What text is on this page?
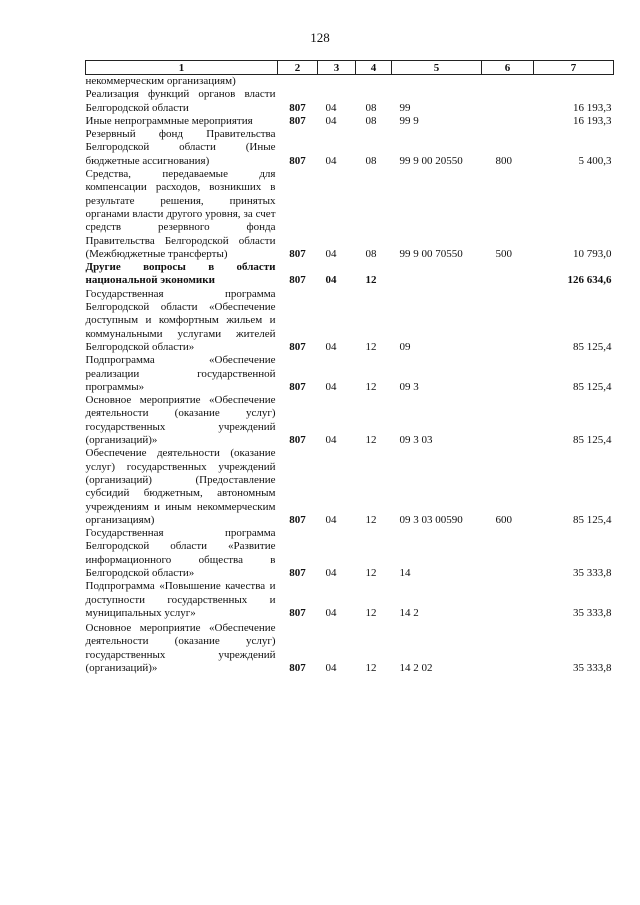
128
1	2	3	4	5	6	7
некоммерческим организациям)						
Реализация функций органов власти Белгородской области	807	04	08	99		16 193,3
Иные непрограммные мероприятия	807	04	08	99 9		16 193,3
Резервный фонд Правительства Белгородской области (Иные бюджетные ассигнования)	807	04	08	99 9 00 20550	800	5 400,3
Средства, передаваемые для компенсации расходов, возникших в результате решения, принятых органами власти другого уровня, за счет средств резервного фонда Правительства Белгородской области (Межбюджетные трансферты)	807	04	08	99 9 00 70550	500	10 793,0
Другие вопросы в области национальной экономики	807	04	12			126 634,6
Государственная программа Белгородской области «Обеспечение доступным и комфортным жильем и коммунальными услугами жителей Белгородской области»	807	04	12	09		85 125,4
Подпрограмма «Обеспечение реализации государственной программы»	807	04	12	09 3		85 125,4
Основное мероприятие «Обеспечение деятельности (оказание услуг) государственных учреждений (организаций)»	807	04	12	09 3 03		85 125,4
Обеспечение деятельности (оказание услуг) государственных учреждений (организаций) (Предоставление субсидий бюджетным, автономным учреждениям и иным некоммерческим организациям)	807	04	12	09 3 03 00590	600	85 125,4
Государственная программа Белгородской области «Развитие информационного общества в Белгородской области»	807	04	12	14		35 333,8
Подпрограмма «Повышение качества и доступности государственных и муниципальных услуг»	807	04	12	14 2		35 333,8
Основное мероприятие «Обеспечение деятельности (оказание услуг) государственных учреждений (организаций)»	807	04	12	14 2 02		35 333,8
